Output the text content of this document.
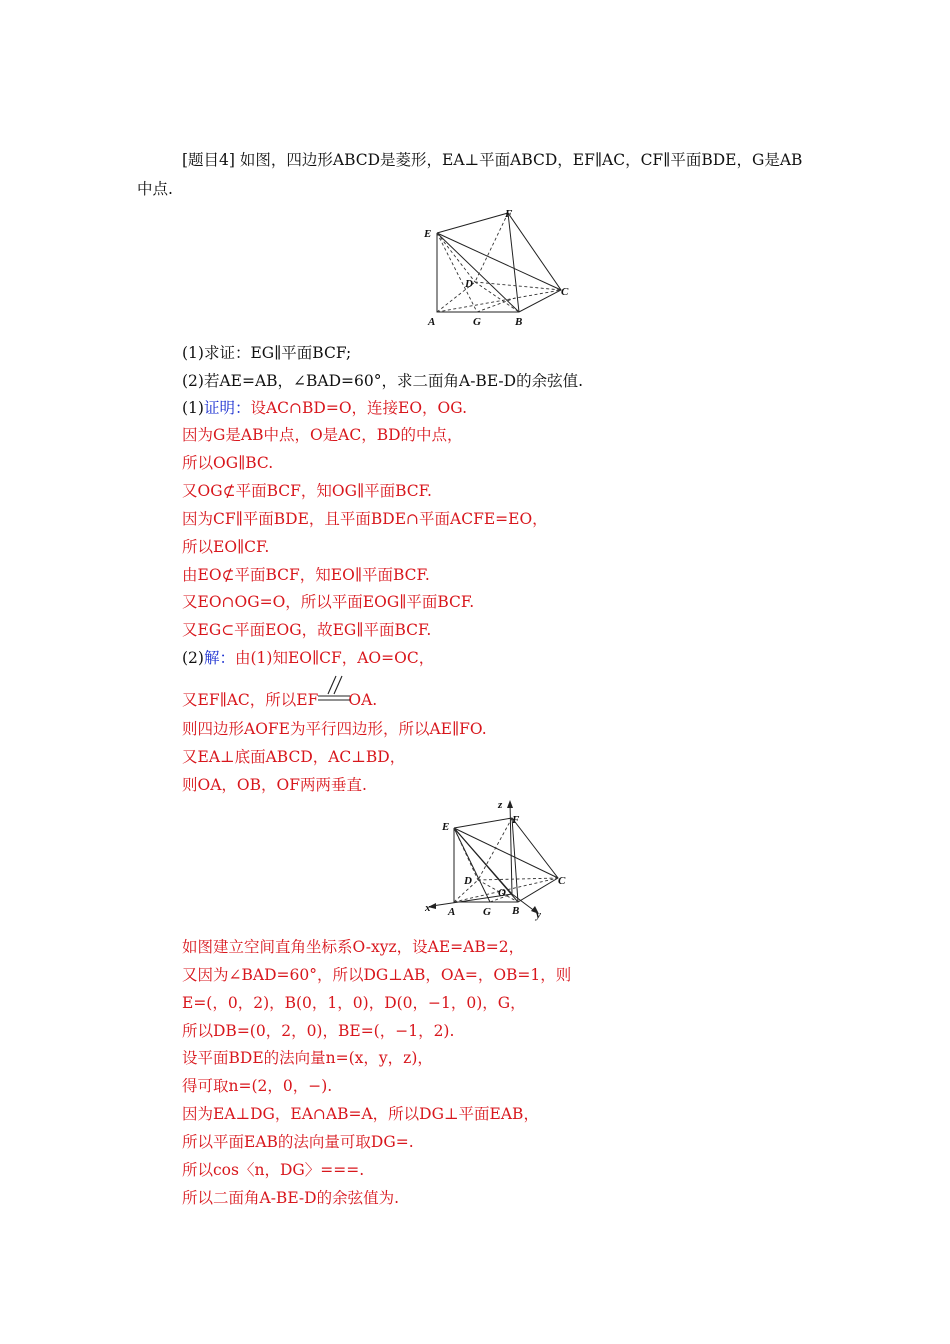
[题目4] 如图，四边形ABCD是菱形，EA⊥平面ABCD，EF∥AC，CF∥平面BDE，G是AB
中点.
E
F
D
C
A	G	B
(1)求证：EG∥平面BCF;
(2)若AE=AB，∠BAD=60°，求二面角A-BE-D的余弦值.
(1)证明：设AC∩BD=O，连接EO，OG.
因为G是AB中点，O是AC，BD的中点，
所以OG∥BC.
又OG⊄平面BCF，知OG∥平面BCF.
因为CF∥平面BDE，且平面BDE∩平面ACFE=EO，
所以EO∥CF.
由EO⊄平面BCF，知EO∥平面BCF.
又EO∩OG=O，所以平面EOG∥平面BCF.
又EG⊂平面EOG，故EG∥平面BCF.
(2)解：由(1)知EO∥CF，AO=OC，
又EF∥AC，所以EF OA.
则四边形AOFE为平行四边形，所以AE∥FO.
又EA⊥底面ABCD，AC⊥BD，
则OA，OB，OF两两垂直.
z
E
F
D	C
O
x A	G B y
如图建立空间直角坐标系O-xyz，设AE=AB=2，
又因为∠BAD=60°，所以DG⊥AB，OA=，OB=1，则
E=(，0，2)，B(0，1，0)，D(0，−1，0)，G，
所以DB=(0，2，0)，BE=(，−1，2).
设平面BDE的法向量n=(x，y，z)，
得可取n=(2，0，−).
因为EA⊥DG，EA∩AB=A，所以DG⊥平面EAB，
所以平面EAB的法向量可取DG=.
所以cos〈n，DG〉===.
所以二面角A-BE-D的余弦值为.
